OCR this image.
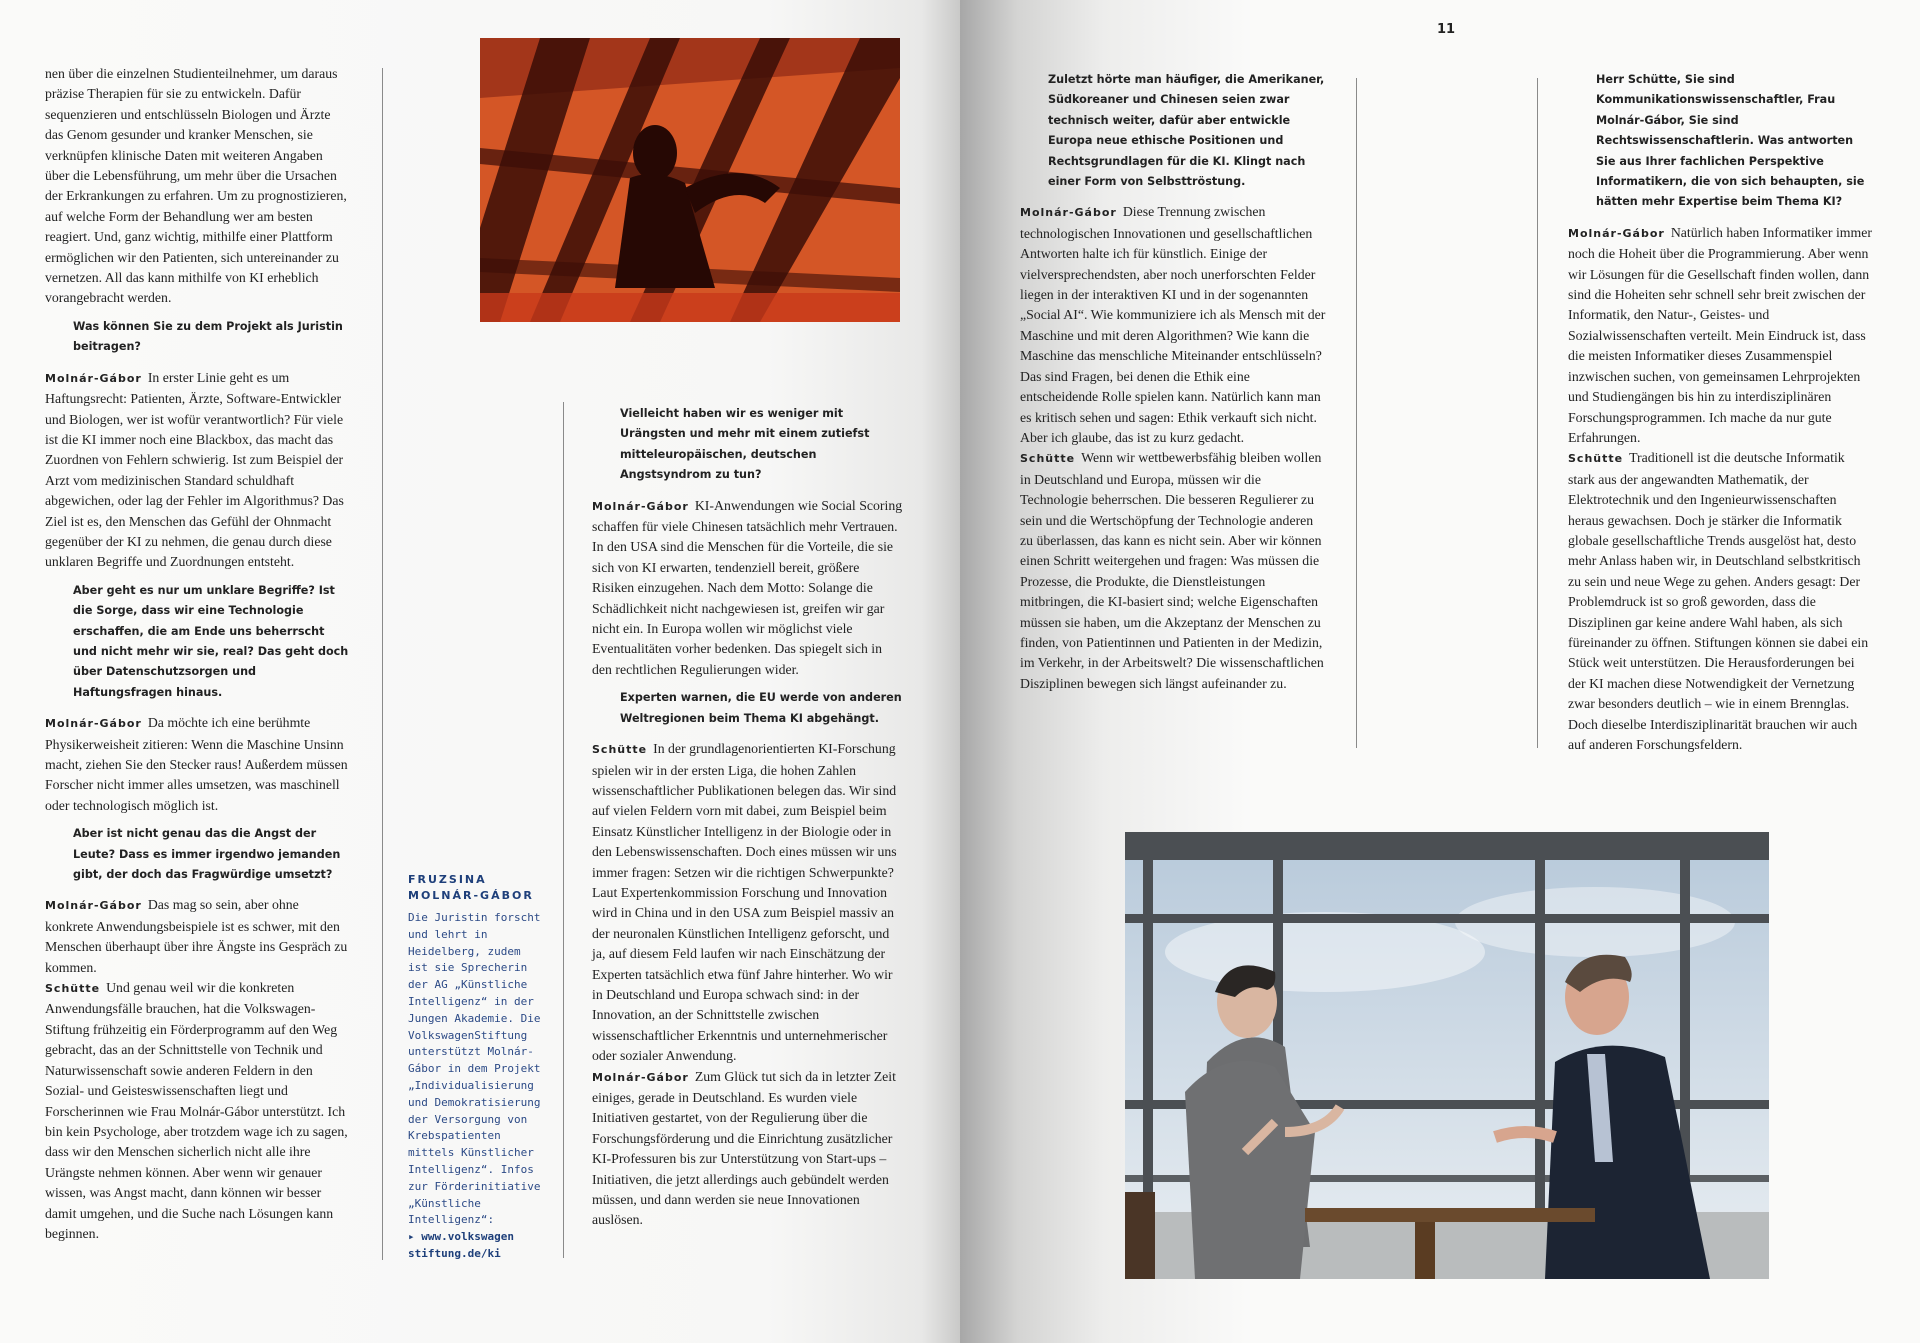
nen über die einzelnen Studienteilnehmer, um daraus präzise Therapien für sie zu entwickeln. Dafür sequenzieren und entschlüsseln Biologen und Ärzte das Genom gesunder und kranker Menschen, sie verknüpfen klinische Daten mit weiteren Angaben über die Lebensführung, um mehr über die Ursachen der Erkrankungen zu erfahren. Um zu prognostizieren, auf welche Form der Behandlung wer am besten reagiert. Und, ganz wichtig, mithilfe einer Plattform ermöglichen wir den Patienten, sich untereinander zu vernetzen. All das kann mithilfe von KI erheblich vorangebracht werden.

Was können Sie zu dem Projekt als Juristin beitragen?

Molnár-Gábor In erster Linie geht es um Haftungsrecht: Patienten, Ärzte, Software-Entwickler und Biologen, wer ist wofür verantwortlich? Für viele ist die KI immer noch eine Blackbox, das macht das Zuordnen von Fehlern schwierig. Ist zum Beispiel der Arzt vom medizinischen Standard schuldhaft abgewichen, oder lag der Fehler im Algorithmus? Das Ziel ist es, den Menschen das Gefühl der Ohnmacht gegenüber der KI zu nehmen, die genau durch diese unklaren Begriffe und Zuordnungen entsteht.

Aber geht es nur um unklare Begriffe? Ist die Sorge, dass wir eine Technologie erschaffen, die am Ende uns beherrscht und nicht mehr wir sie, real? Das geht doch über Datenschutzsorgen und Haftungsfragen hinaus.

Molnár-Gábor Da möchte ich eine berühmte Physikerweisheit zitieren: Wenn die Maschine Unsinn macht, ziehen Sie den Stecker raus! Außerdem müssen Forscher nicht immer alles umsetzen, was maschinell oder technologisch möglich ist.

Aber ist nicht genau das die Angst der Leute? Dass es immer irgendwo jemanden gibt, der doch das Fragwürdige umsetzt?

Molnár-Gábor Das mag so sein, aber ohne konkrete Anwendungsbeispiele ist es schwer, mit den Menschen überhaupt über ihre Ängste ins Gespräch zu kommen.

Schütte Und genau weil wir die konkreten Anwendungsfälle brauchen, hat die Volkswagen-Stiftung frühzeitig ein Förderprogramm auf den Weg gebracht, das an der Schnittstelle von Technik und Naturwissenschaft sowie anderen Feldern in den Sozial- und Geisteswissenschaften liegt und Forscherinnen wie Frau Molnár-Gábor unterstützt. Ich bin kein Psychologe, aber trotzdem wage ich zu sagen, dass wir den Menschen sicherlich nicht alle ihre Urängste nehmen können. Aber wenn wir genauer wissen, was Angst macht, dann können wir besser damit umgehen, und die Suche nach Lösungen kann beginnen.

FRUZSINA MOLNÁR-GÁBOR
Die Juristin forscht und lehrt in Heidelberg, zudem ist sie Sprecherin der AG „Künstliche Intelligenz“ in der Jungen Akademie. Die VolkswagenStiftung unterstützt Molnár-Gábor in dem Projekt „Individualisierung und Demokratisierung der Versorgung von Krebspatienten mittels Künstlicher Intelligenz“. Infos zur Förderinitiative „Künstliche Intelligenz“:
▸ www.volkswagen stiftung.de/ki

Vielleicht haben wir es weniger mit Urängsten und mehr mit einem zutiefst mitteleuropäischen, deutschen Angstsyndrom zu tun?

Molnár-Gábor KI-Anwendungen wie Social Scoring schaffen für viele Chinesen tatsächlich mehr Vertrauen. In den USA sind die Menschen für die Vorteile, die sie sich von KI erwarten, tendenziell bereit, größere Risiken einzugehen. Nach dem Motto: Solange die Schädlichkeit nicht nachgewiesen ist, greifen wir gar nicht ein. In Europa wollen wir möglichst viele Eventualitäten vorher bedenken. Das spiegelt sich in den rechtlichen Regulierungen wider.

Experten warnen, die EU werde von anderen Weltregionen beim Thema KI abgehängt.

Schütte In der grundlagenorientierten KI-Forschung spielen wir in der ersten Liga, die hohen Zahlen wissenschaftlicher Publikationen belegen das. Wir sind auf vielen Feldern vorn mit dabei, zum Beispiel beim Einsatz Künstlicher Intelligenz in der Biologie oder in den Lebenswissenschaften. Doch eines müssen wir uns immer fragen: Setzen wir die richtigen Schwerpunkte? Laut Expertenkommission Forschung und Innovation wird in China und in den USA zum Beispiel massiv an der neuronalen Künstlichen Intelligenz geforscht, und ja, auf diesem Feld laufen wir nach Einschätzung der Experten tatsächlich etwa fünf Jahre hinterher. Wo wir in Deutschland und Europa schwach sind: in der Innovation, an der Schnittstelle zwischen wissenschaftlicher Erkenntnis und unternehmerischer oder sozialer Anwendung.

Molnár-Gábor Zum Glück tut sich da in letzter Zeit einiges, gerade in Deutschland. Es wurden viele Initiativen gestartet, von der Regulierung über die Forschungsförderung und die Einrichtung zusätzlicher KI-Professuren bis zur Unterstützung von Start-ups – Initiativen, die jetzt allerdings auch gebündelt werden müssen, und dann werden sie neue Innovationen auslösen.

11

Zuletzt hörte man häufiger, die Amerikaner, Südkoreaner und Chinesen seien zwar technisch weiter, dafür aber entwickle Europa neue ethische Positionen und Rechtsgrundlagen für die KI. Klingt nach einer Form von Selbsttröstung.

Molnár-Gábor Diese Trennung zwischen technologischen Innovationen und gesellschaftlichen Antworten halte ich für künstlich. Einige der vielversprechendsten, aber noch unerforschten Felder liegen in der interaktiven KI und in der sogenannten „Social AI“. Wie kommuniziere ich als Mensch mit der Maschine und mit deren Algorithmen? Wie kann die Maschine das menschliche Miteinander entschlüsseln? Das sind Fragen, bei denen die Ethik eine entscheidende Rolle spielen kann. Natürlich kann man es kritisch sehen und sagen: Ethik verkauft sich nicht. Aber ich glaube, das ist zu kurz gedacht.

Schütte Wenn wir wettbewerbsfähig bleiben wollen in Deutschland und Europa, müssen wir die Technologie beherrschen. Die besseren Regulierer zu sein und die Wertschöpfung der Technologie anderen zu überlassen, das kann es nicht sein. Aber wir können einen Schritt weitergehen und fragen: Was müssen die Prozesse, die Produkte, die Dienstleistungen mitbringen, die KI-basiert sind; welche Eigenschaften müssen sie haben, um die Akzeptanz der Menschen zu finden, von Patientinnen und Patienten in der Medizin, im Verkehr, in der Arbeitswelt? Die wissenschaftlichen Disziplinen bewegen sich längst aufeinander zu.

Herr Schütte, Sie sind Kommunikationswissenschaftler, Frau Molnár-Gábor, Sie sind Rechtswissenschaftlerin. Was antworten Sie aus Ihrer fachlichen Perspektive Informatikern, die von sich behaupten, sie hätten mehr Expertise beim Thema KI?

Molnár-Gábor Natürlich haben Informatiker immer noch die Hoheit über die Programmierung. Aber wenn wir Lösungen für die Gesellschaft finden wollen, dann sind die Hoheiten sehr schnell sehr breit zwischen der Informatik, den Natur-, Geistes- und Sozialwissenschaften verteilt. Mein Eindruck ist, dass die meisten Informatiker dieses Zusammenspiel inzwischen suchen, von gemeinsamen Lehrprojekten und Studiengängen bis hin zu interdisziplinären Forschungsprogrammen. Ich mache da nur gute Erfahrungen.

Schütte Traditionell ist die deutsche Informatik stark aus der angewandten Mathematik, der Elektrotechnik und den Ingenieurwissenschaften heraus gewachsen. Doch je stärker die Informatik globale gesellschaftliche Trends ausgelöst hat, desto mehr Anlass haben wir, in Deutschland selbstkritisch zu sein und neue Wege zu gehen. Anders gesagt: Der Problemdruck ist so groß geworden, dass die Disziplinen gar keine andere Wahl haben, als sich füreinander zu öffnen. Stiftungen können sie dabei ein Stück weit unterstützen. Die Herausforderungen bei der KI machen diese Notwendigkeit der Vernetzung zwar besonders deutlich – wie in einem Brennglas. Doch dieselbe Interdisziplinarität brauchen wir auch auf anderen Forschungsfeldern.
